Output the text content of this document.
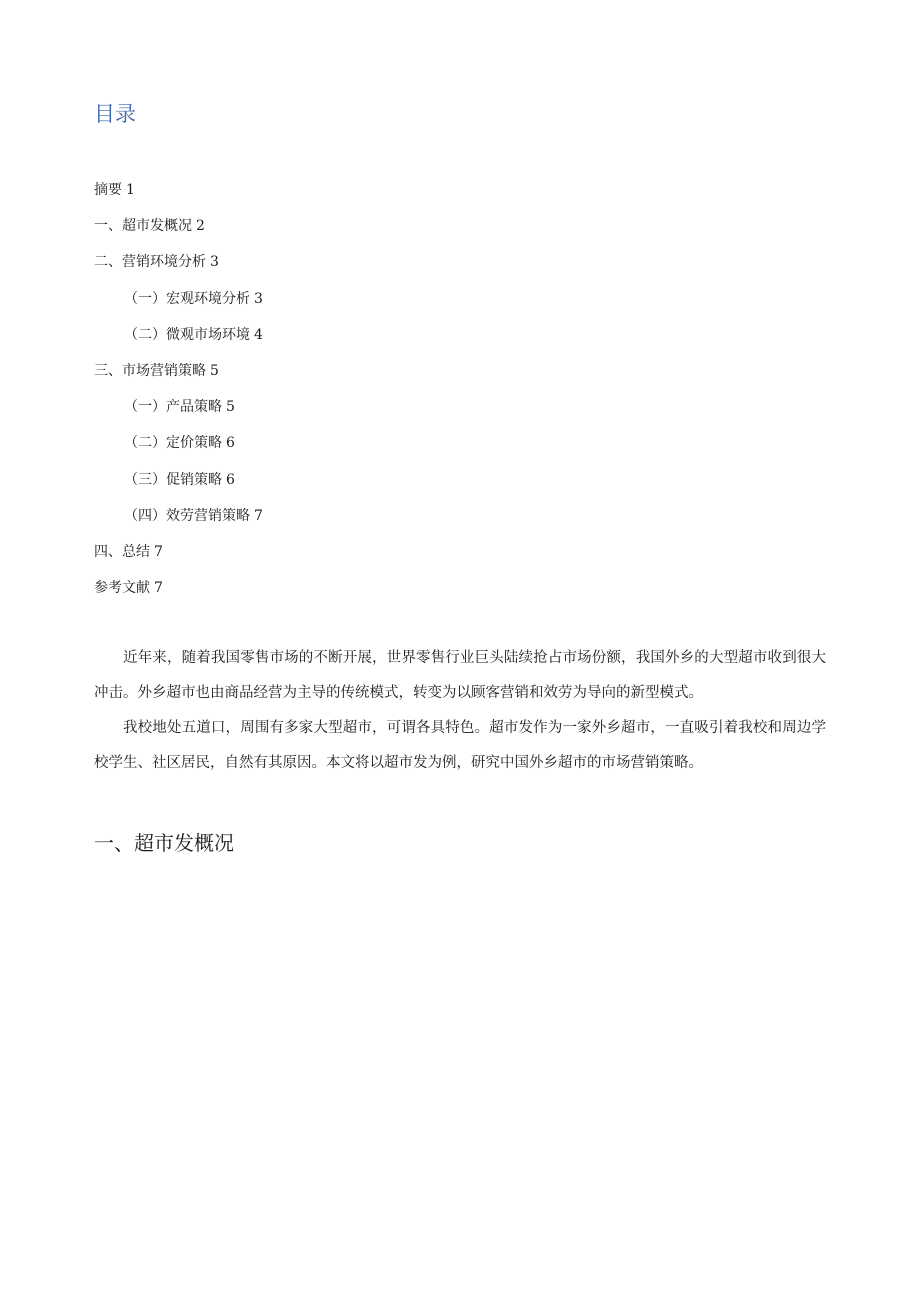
目录
摘要 1
一、超市发概况 2
二、营销环境分析 3
（一）宏观环境分析 3
（二）微观市场环境 4
三、市场营销策略 5
（一）产品策略 5
（二）定价策略 6
（三）促销策略 6
（四）效劳营销策略 7
四、总结 7
参考文献 7

近年来，随着我国零售市场的不断开展，世界零售行业巨头陆续抢占市场份额，我国外乡的大型超市收到很大冲击。外乡超市也由商品经营为主导的传统模式，转变为以顾客营销和效劳为导向的新型模式。

我校地处五道口，周围有多家大型超市，可谓各具特色。超市发作为一家外乡超市，一直吸引着我校和周边学校学生、社区居民，自然有其原因。本文将以超市发为例，研究中国外乡超市的市场营销策略。

一、超市发概况
